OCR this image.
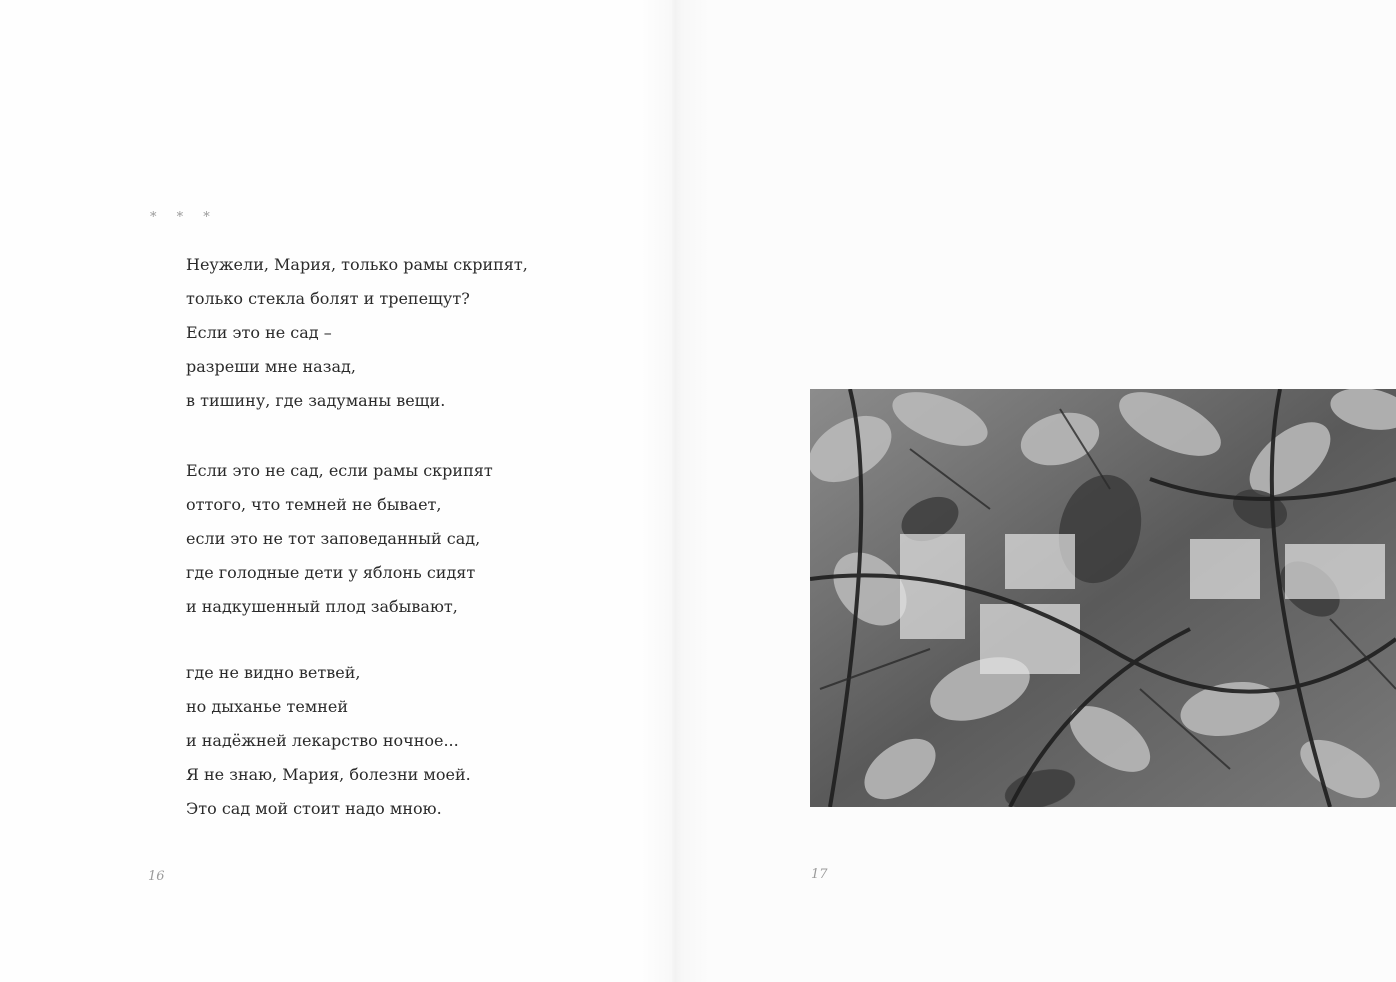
* * *
Неужели, Мария, только рамы скрипят,
только стекла болят и трепещут?
Если это не сад –
разреши мне назад,
в тишину, где задуманы вещи.
Если это не сад, если рамы скрипят
оттого, что темней не бывает,
если это не тот заповеданный сад,
где голодные дети у яблонь сидят
и надкушенный плод забывают,
где не видно ветвей,
но дыханье темней
и надёжней лекарство ночное...
Я не знаю, Мария, болезни моей.
Это сад мой стоит надо мною.
16	17
